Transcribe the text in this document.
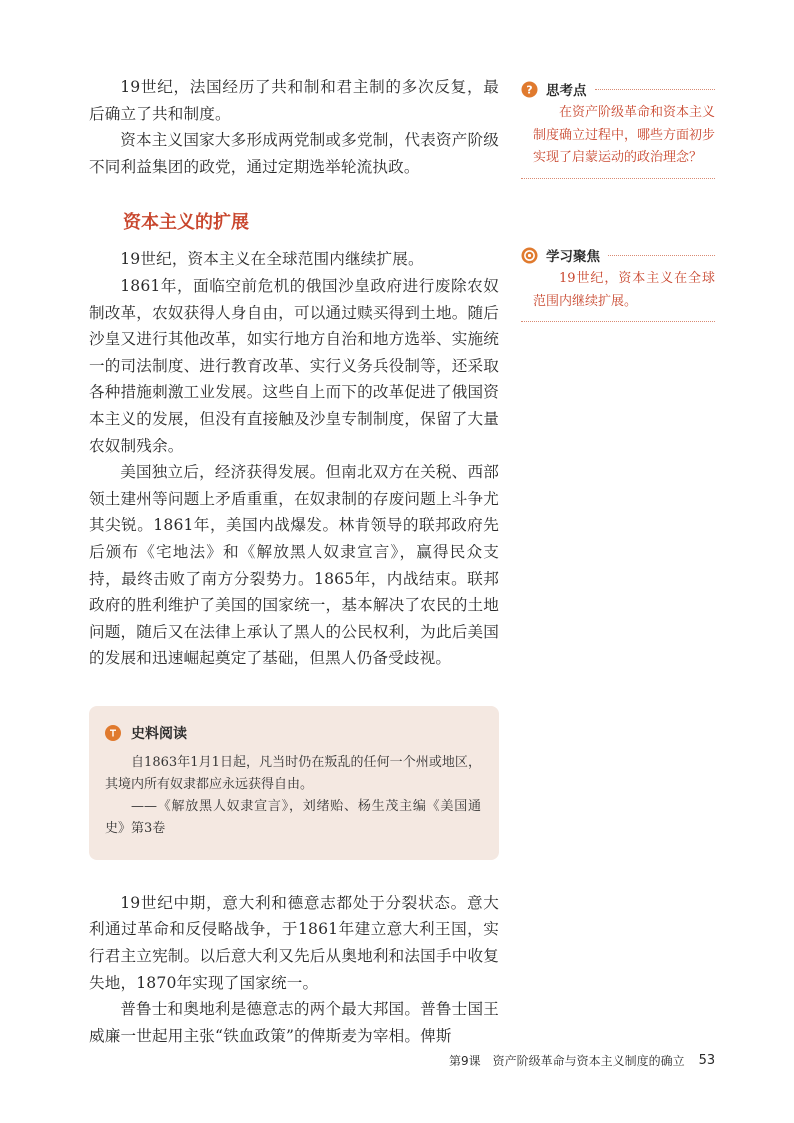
19世纪，法国经历了共和制和君主制的多次反复，最后确立了共和制度。

资本主义国家大多形成两党制或多党制，代表资产阶级不同利益集团的政党，通过定期选举轮流执政。

资本主义的扩展

19世纪，资本主义在全球范围内继续扩展。

1861年，面临空前危机的俄国沙皇政府进行废除农奴制改革，农奴获得人身自由，可以通过赎买得到土地。随后沙皇又进行其他改革，如实行地方自治和地方选举、实施统一的司法制度、进行教育改革、实行义务兵役制等，还采取各种措施刺激工业发展。这些自上而下的改革促进了俄国资本主义的发展，但没有直接触及沙皇专制制度，保留了大量农奴制残余。

美国独立后，经济获得发展。但南北双方在关税、西部领土建州等问题上矛盾重重，在奴隶制的存废问题上斗争尤其尖锐。1861年，美国内战爆发。林肯领导的联邦政府先后颁布《宅地法》和《解放黑人奴隶宣言》，赢得民众支持，最终击败了南方分裂势力。1865年，内战结束。联邦政府的胜利维护了美国的国家统一，基本解决了农民的土地问题，随后又在法律上承认了黑人的公民权利，为此后美国的发展和迅速崛起奠定了基础，但黑人仍备受歧视。

史料阅读

自1863年1月1日起，凡当时仍在叛乱的任何一个州或地区，其境内所有奴隶都应永远获得自由。

——《解放黑人奴隶宣言》，刘绪贻、杨生茂主编《美国通史》第3卷

19世纪中期，意大利和德意志都处于分裂状态。意大利通过革命和反侵略战争，于1861年建立意大利王国，实行君主立宪制。以后意大利又先后从奥地利和法国手中收复失地，1870年实现了国家统一。

普鲁士和奥地利是德意志的两个最大邦国。普鲁士国王威廉一世起用主张“铁血政策”的俾斯麦为宰相。俾斯

? 思考点

在资产阶级革命和资本主义制度确立过程中，哪些方面初步实现了启蒙运动的政治理念？

学习聚焦

19世纪，资本主义在全球范围内继续扩展。

第9课　资产阶级革命与资本主义制度的确立 53
